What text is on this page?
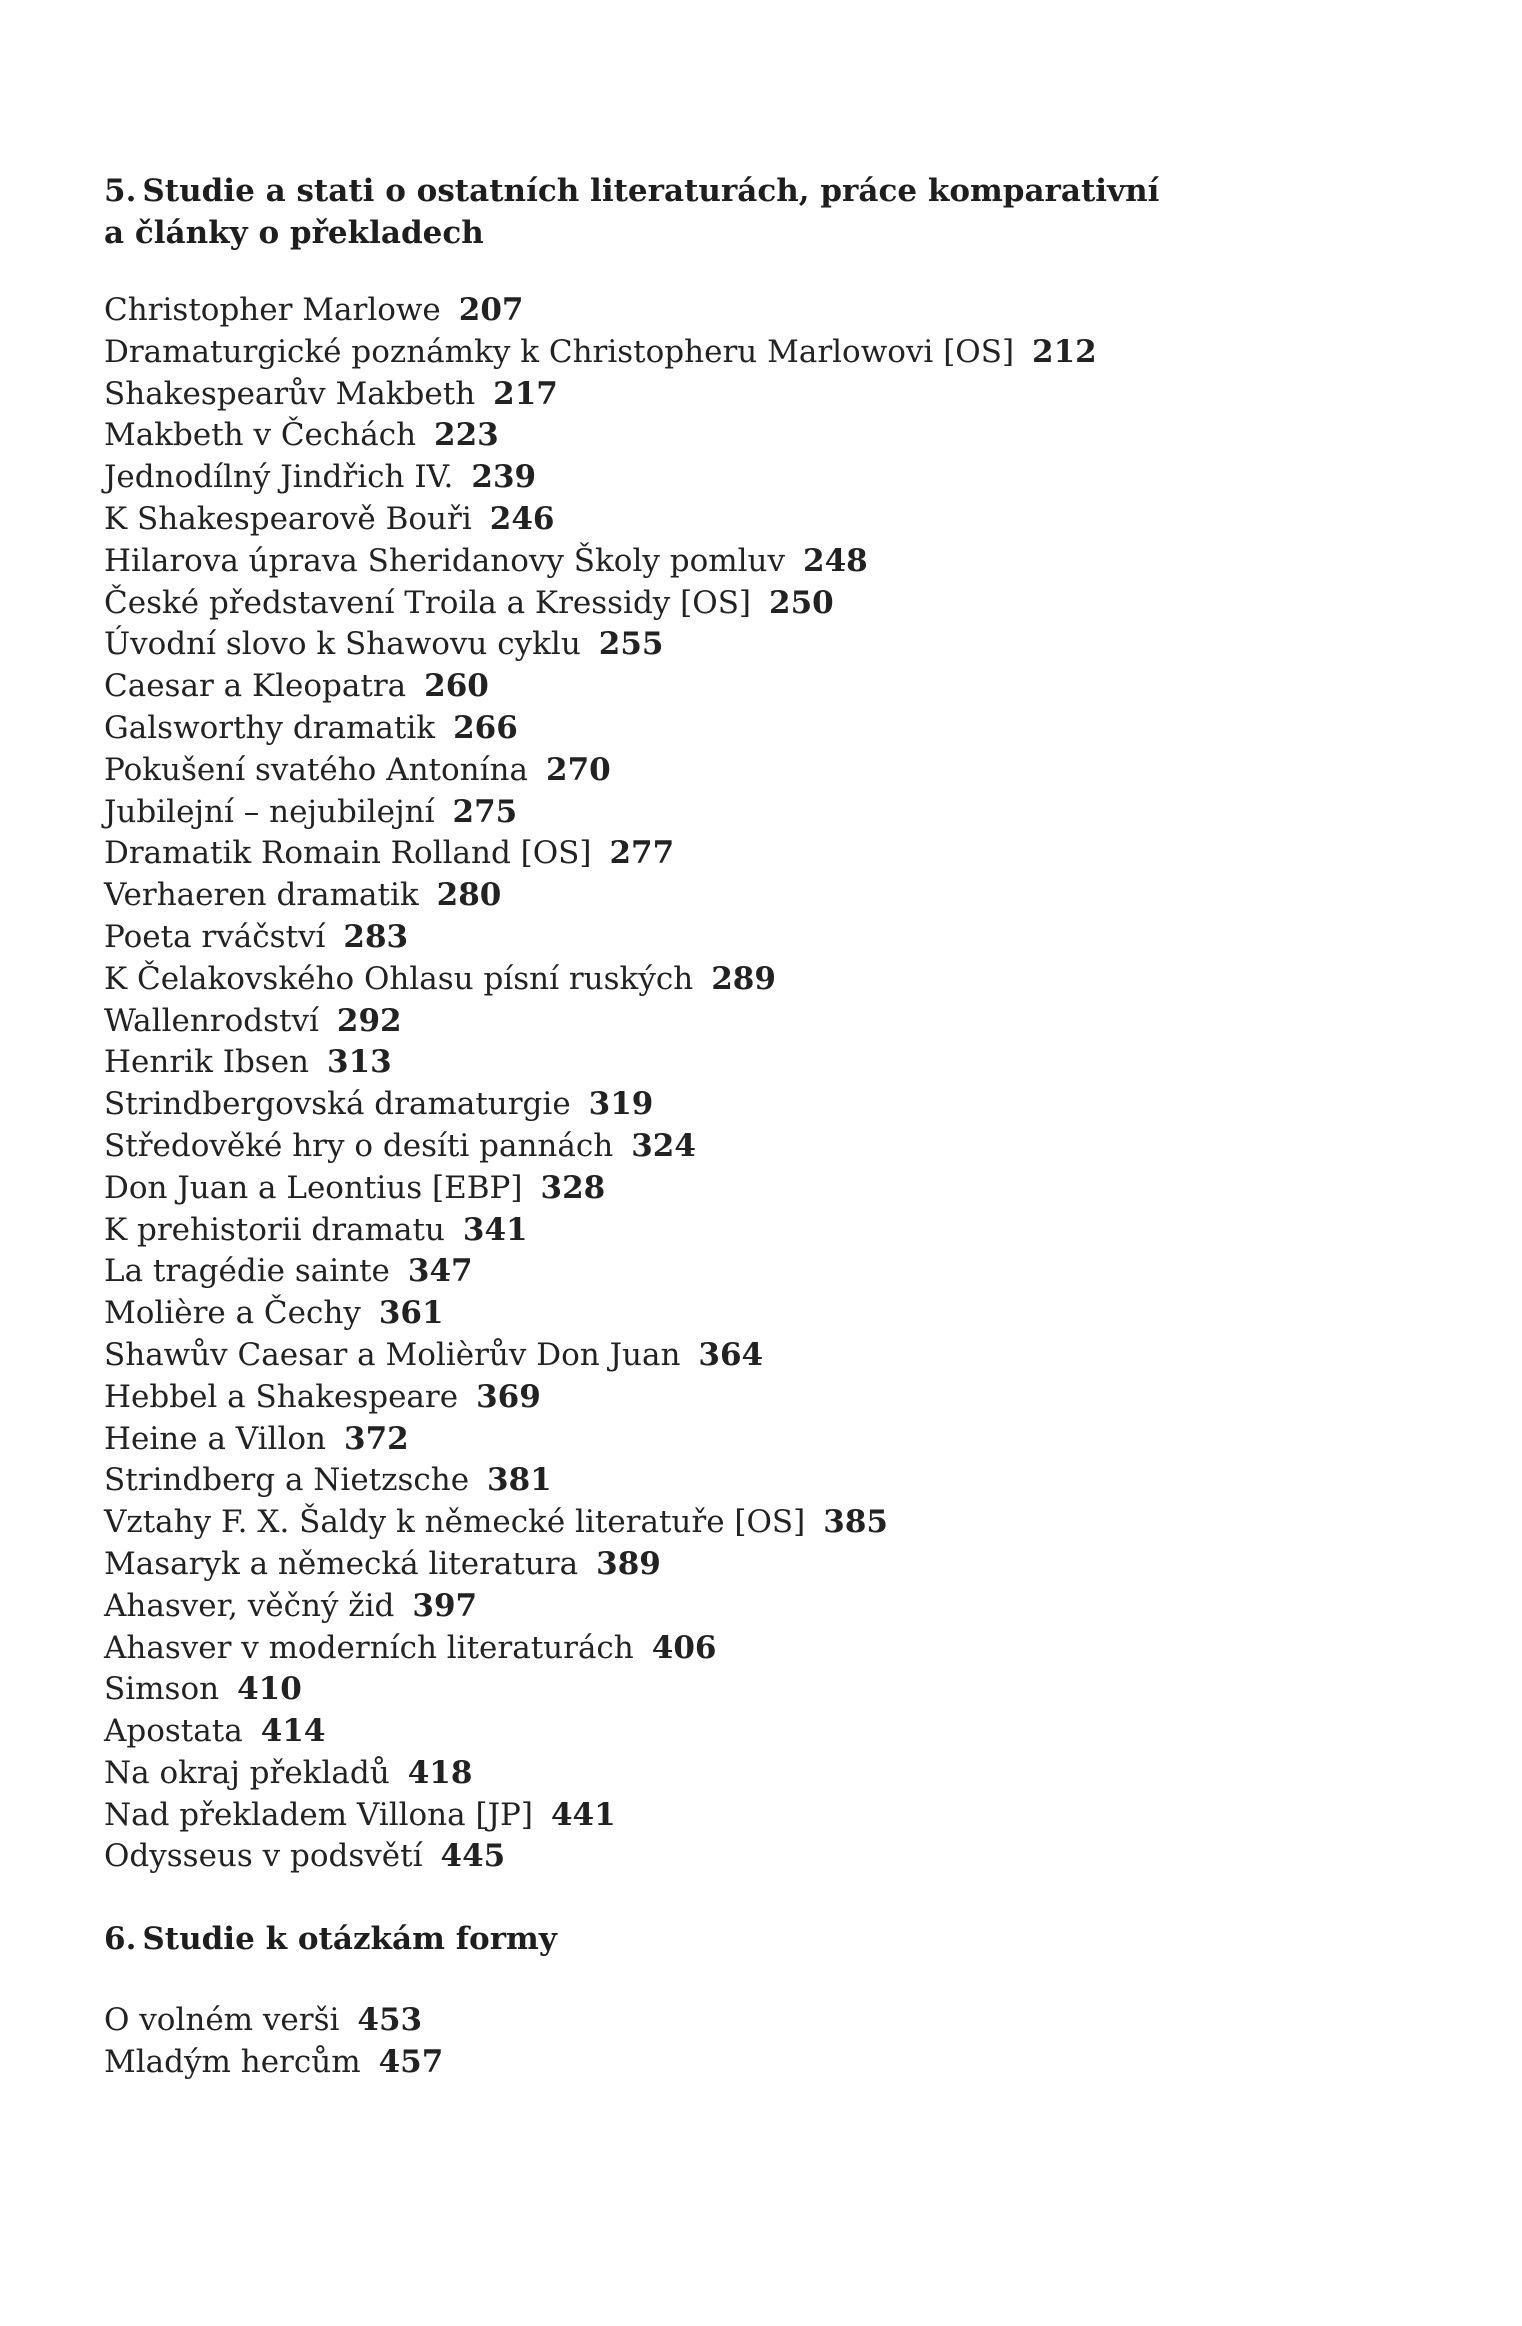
5. Studie a stati o ostatních literaturách, práce komparativní
a články o překladech
Christopher Marlowe 207
Dramaturgické poznámky k Christopheru Marlowovi [OS] 212
Shakespearův Makbeth 217
Makbeth v Čechách 223
Jednodílný Jindřich IV. 239
K Shakespearově Bouři 246
Hilarova úprava Sheridanovy Školy pomluv 248
České představení Troila a Kressidy [OS] 250
Úvodní slovo k Shawovu cyklu 255
Caesar a Kleopatra 260
Galsworthy dramatik 266
Pokušení svatého Antonína 270
Jubilejní – nejubilejní 275
Dramatik Romain Rolland [OS] 277
Verhaeren dramatik 280
Poeta rváčství 283
K Čelakovského Ohlasu písní ruských 289
Wallenrodství 292
Henrik Ibsen 313
Strindbergovská dramaturgie 319
Středověké hry o desíti pannách 324
Don Juan a Leontius [EBP] 328
K prehistorii dramatu 341
La tragédie sainte 347
Molière a Čechy 361
Shawův Caesar a Molièrův Don Juan 364
Hebbel a Shakespeare 369
Heine a Villon 372
Strindberg a Nietzsche 381
Vztahy F. X. Šaldy k německé literatuře [OS] 385
Masaryk a německá literatura 389
Ahasver, věčný žid 397
Ahasver v moderních literaturách 406
Simson 410
Apostata 414
Na okraj překladů 418
Nad překladem Villona [JP] 441
Odysseus v podsvětí 445
6. Studie k otázkám formy
O volném verši 453
Mladým hercům 457
